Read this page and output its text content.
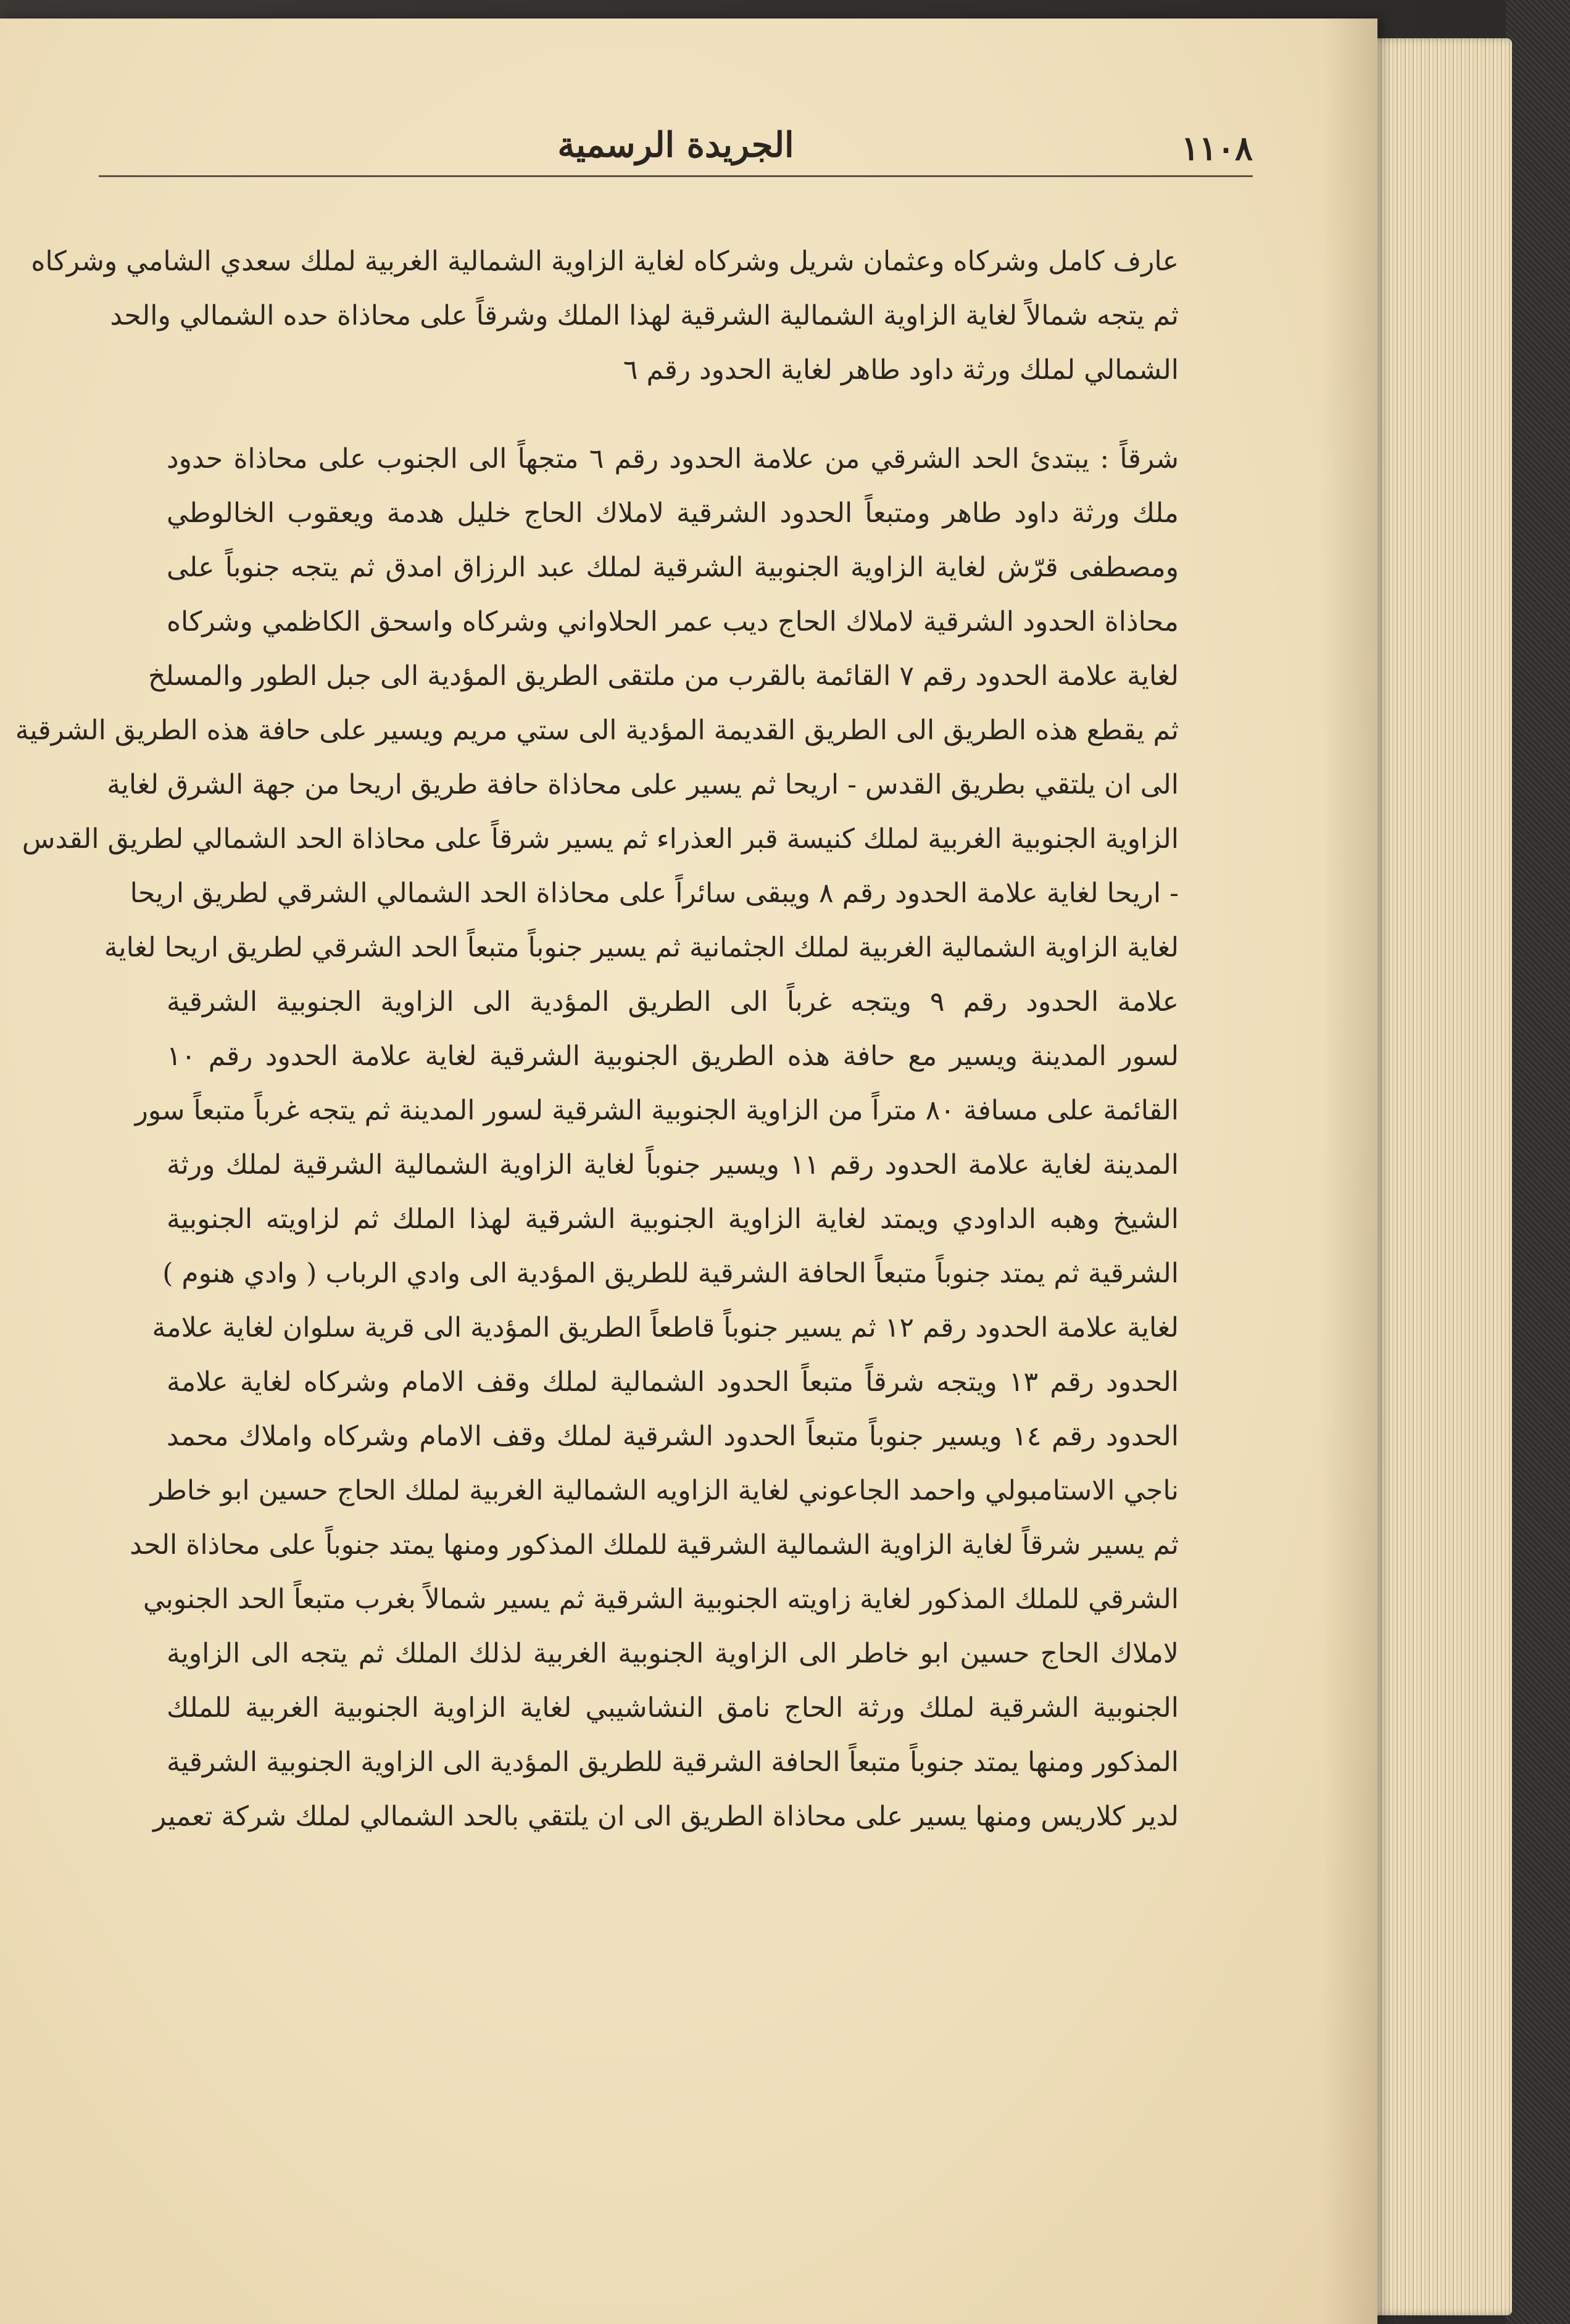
١١٠٨
الجريدة الرسمية
عارف كامل وشركاه وعثمان شريل وشركاه لغاية الزاوية الشمالية الغربية لملك سعدي الشامي وشركاه
ثم يتجه شمالاً لغاية الزاوية الشمالية الشرقية لهذا الملك وشرقاً على محاذاة حده الشمالي والحد
الشمالي لملك ورثة داود طاهر لغاية الحدود رقم ٦
شرقاً : يبتدئ الحد الشرقي من علامة الحدود رقم ٦ متجهاً الى الجنوب على محاذاة حدود
ملك ورثة داود طاهر ومتبعاً الحدود الشرقية لاملاك الحاج خليل هدمة ويعقوب الخالوطي
ومصطفى قرّش لغاية الزاوية الجنوبية الشرقية لملك عبد الرزاق امدق ثم يتجه جنوباً على
محاذاة الحدود الشرقية لاملاك الحاج ديب عمر الحلاواني وشركاه واسحق الكاظمي وشركاه
لغاية علامة الحدود رقم ٧ القائمة بالقرب من ملتقى الطريق المؤدية الى جبل الطور والمسلخ
ثم يقطع هذه الطريق الى الطريق القديمة المؤدية الى ستي مريم ويسير على حافة هذه الطريق الشرقية
الى ان يلتقي بطريق القدس - اريحا ثم يسير على محاذاة حافة طريق اريحا من جهة الشرق لغاية
الزاوية الجنوبية الغربية لملك كنيسة قبر العذراء ثم يسير شرقاً على محاذاة الحد الشمالي لطريق القدس
- اريحا لغاية علامة الحدود رقم ٨ ويبقى سائراً على محاذاة الحد الشمالي الشرقي لطريق اريحا
لغاية الزاوية الشمالية الغربية لملك الجثمانية ثم يسير جنوباً متبعاً الحد الشرقي لطريق اريحا لغاية
علامة الحدود رقم ٩ ويتجه غرباً الى الطريق المؤدية الى الزاوية الجنوبية الشرقية
لسور المدينة ويسير مع حافة هذه الطريق الجنوبية الشرقية لغاية علامة الحدود رقم ١٠
القائمة على مسافة ٨٠ متراً من الزاوية الجنوبية الشرقية لسور المدينة ثم يتجه غرباً متبعاً سور
المدينة لغاية علامة الحدود رقم ١١ ويسير جنوباً لغاية الزاوية الشمالية الشرقية لملك ورثة
الشيخ وهبه الداودي ويمتد لغاية الزاوية الجنوبية الشرقية لهذا الملك ثم لزاويته الجنوبية
الشرقية ثم يمتد جنوباً متبعاً الحافة الشرقية للطريق المؤدية الى وادي الرباب ( وادي هنوم )
لغاية علامة الحدود رقم ١٢ ثم يسير جنوباً قاطعاً الطريق المؤدية الى قرية سلوان لغاية علامة
الحدود رقم ١٣ ويتجه شرقاً متبعاً الحدود الشمالية لملك وقف الامام وشركاه لغاية علامة
الحدود رقم ١٤ ويسير جنوباً متبعاً الحدود الشرقية لملك وقف الامام وشركاه واملاك محمد
ناجي الاستامبولي واحمد الجاعوني لغاية الزاويه الشمالية الغربية لملك الحاج حسين ابو خاطر
ثم يسير شرقاً لغاية الزاوية الشمالية الشرقية للملك المذكور ومنها يمتد جنوباً على محاذاة الحد
الشرقي للملك المذكور لغاية زاويته الجنوبية الشرقية ثم يسير شمالاً بغرب متبعاً الحد الجنوبي
لاملاك الحاج حسين ابو خاطر الى الزاوية الجنوبية الغربية لذلك الملك ثم يتجه الى الزاوية
الجنوبية الشرقية لملك ورثة الحاج نامق النشاشيبي لغاية الزاوية الجنوبية الغربية للملك
المذكور ومنها يمتد جنوباً متبعاً الحافة الشرقية للطريق المؤدية الى الزاوية الجنوبية الشرقية
لدير كلاريس ومنها يسير على محاذاة الطريق الى ان يلتقي بالحد الشمالي لملك شركة تعمير
